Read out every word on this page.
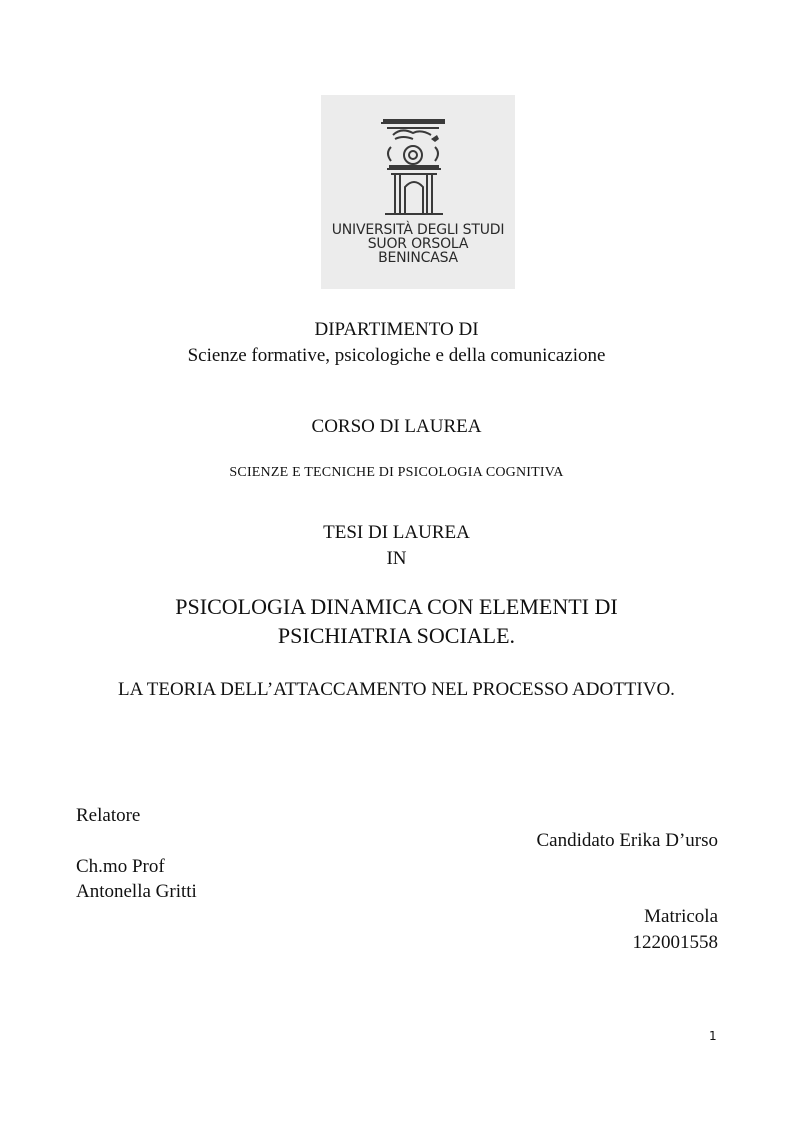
UNIVERSITÀ DEGLI STUDI
SUOR ORSOLA
BENINCASA
DIPARTIMENTO DI
Scienze formative, psicologiche e della comunicazione
CORSO DI LAUREA
SCIENZE E TECNICHE DI PSICOLOGIA COGNITIVA
TESI DI LAUREA
IN
PSICOLOGIA DINAMICA CON ELEMENTI DI
PSICHIATRIA SOCIALE.
LA TEORIA DELL’ATTACCAMENTO NEL PROCESSO ADOTTIVO.
Relatore
Ch.mo Prof
Antonella Gritti
Candidato Erika D’urso
Matricola
122001558
1
